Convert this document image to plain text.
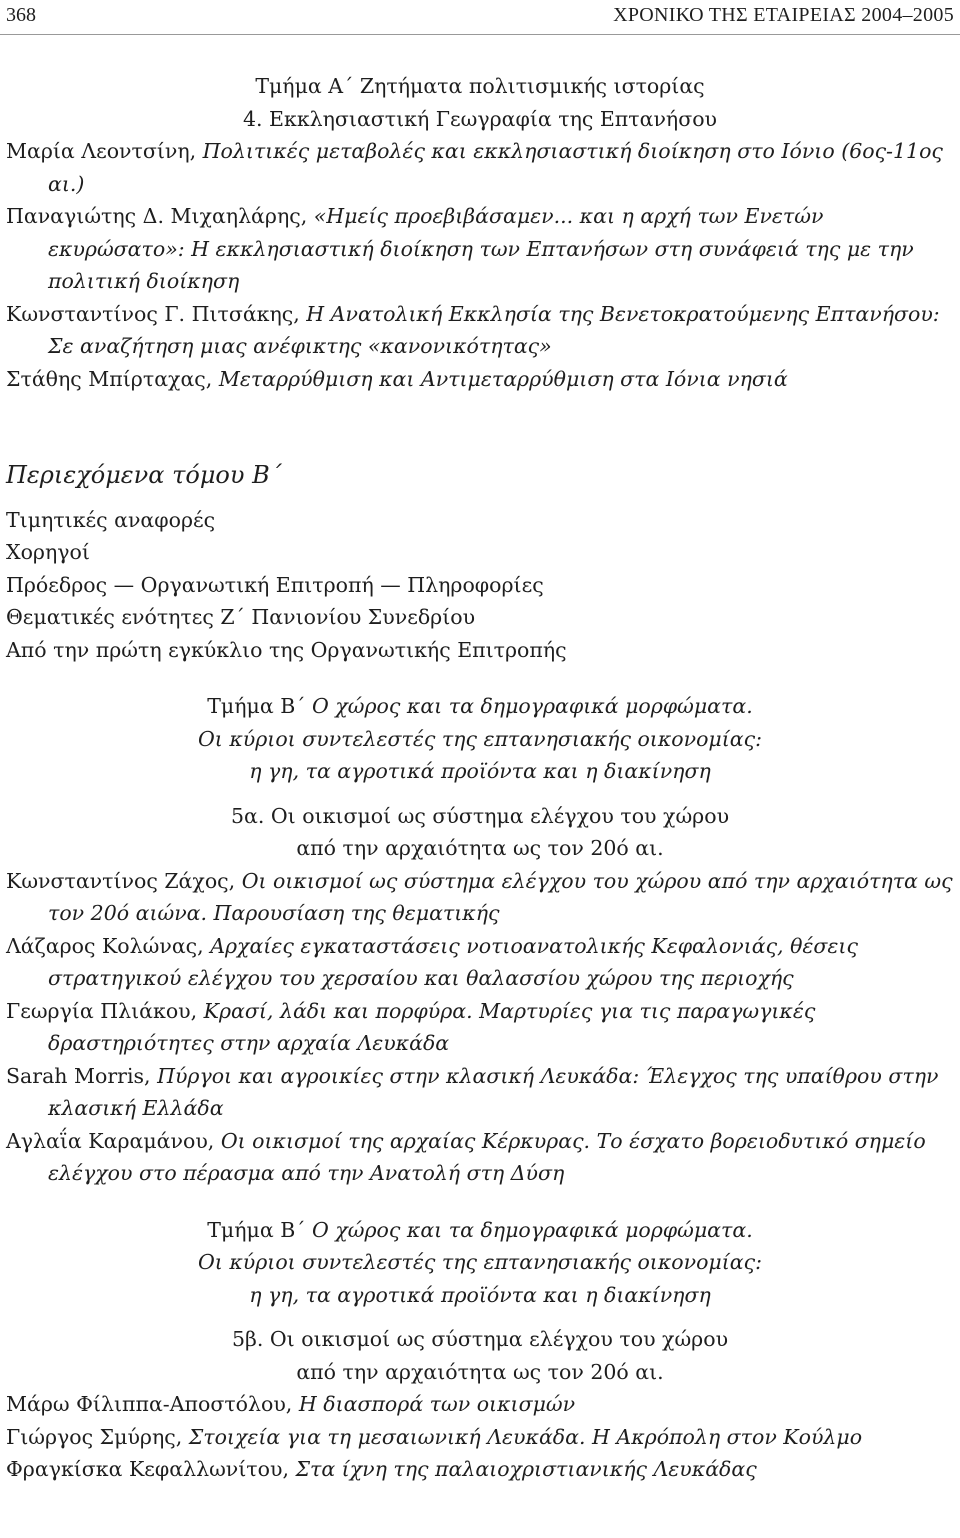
368	ΧΡΟΝΙΚΟ ΤΗΣ ΕΤΑΙΡΕΙΑΣ 2004–2005

Τμήμα Α΄ Ζητήματα πολιτισμικής ιστορίας

4. Εκκλησιαστική Γεωγραφία της Επτανήσου

Μαρία Λεοντσίνη, Πολιτικές μεταβολές και εκκλησιαστική διοίκηση στο Ιόνιο (6ος-11ος αι.)

Παναγιώτης Δ. Μιχαηλάρης, «Ημείς προεβιβάσαμεν... και η αρχή των Ενετών εκυρώσατο»: Η εκκλησιαστική διοίκηση των Επτανήσων στη συνάφειά της με την πολιτική διοίκηση

Κωνσταντίνος Γ. Πιτσάκης, Η Ανατολική Εκκλησία της Βενετοκρατούμενης Επτανήσου: Σε αναζήτηση μιας ανέφικτης «κανονικότητας»

Στάθης Μπίρταχας, Μεταρρύθμιση και Αντιμεταρρύθμιση στα Ιόνια νησιά

Περιεχόμενα τόμου Β΄

Τιμητικές αναφορές

Χορηγοί

Πρόεδρος — Οργανωτική Επιτροπή — Πληροφορίες

Θεματικές ενότητες Ζ΄ Πανιονίου Συνεδρίου

Από την πρώτη εγκύκλιο της Οργανωτικής Επιτροπής

Τμήμα Β΄ Ο χώρος και τα δημογραφικά μορφώματα.

Οι κύριοι συντελεστές της επτανησιακής οικονομίας:

η γη, τα αγροτικά προϊόντα και η διακίνηση

5α. Οι οικισμοί ως σύστημα ελέγχου του χώρου

από την αρχαιότητα ως τον 20ό αι.

Κωνσταντίνος Ζάχος, Οι οικισμοί ως σύστημα ελέγχου του χώρου από την αρχαιότητα ως τον 20ό αιώνα. Παρουσίαση της θεματικής

Λάζαρος Κολώνας, Αρχαίες εγκαταστάσεις νοτιοανατολικής Κεφαλονιάς, θέσεις στρατηγικού ελέγχου του χερσαίου και θαλασσίου χώρου της περιοχής

Γεωργία Πλιάκου, Κρασί, λάδι και πορφύρα. Μαρτυρίες για τις παραγωγικές δραστηριότητες στην αρχαία Λευκάδα

Sarah Morris, Πύργοι και αγροικίες στην κλασική Λευκάδα: Έλεγχος της υπαίθρου στην κλασική Ελλάδα

Αγλαΐα Καραμάνου, Οι οικισμοί της αρχαίας Κέρκυρας. Το έσχατο βορειοδυτικό σημείο ελέγχου στο πέρασμα από την Ανατολή στη Δύση

Τμήμα Β΄ Ο χώρος και τα δημογραφικά μορφώματα.

Οι κύριοι συντελεστές της επτανησιακής οικονομίας:

η γη, τα αγροτικά προϊόντα και η διακίνηση

5β. Οι οικισμοί ως σύστημα ελέγχου του χώρου

από την αρχαιότητα ως τον 20ό αι.

Μάρω Φίλιππα-Αποστόλου, Η διασπορά των οικισμών

Γιώργος Σμύρης, Στοιχεία για τη μεσαιωνική Λευκάδα. Η Ακρόπολη στον Κούλμο

Φραγκίσκα Κεφαλλωνίτου, Στα ίχνη της παλαιοχριστιανικής Λευκάδας
